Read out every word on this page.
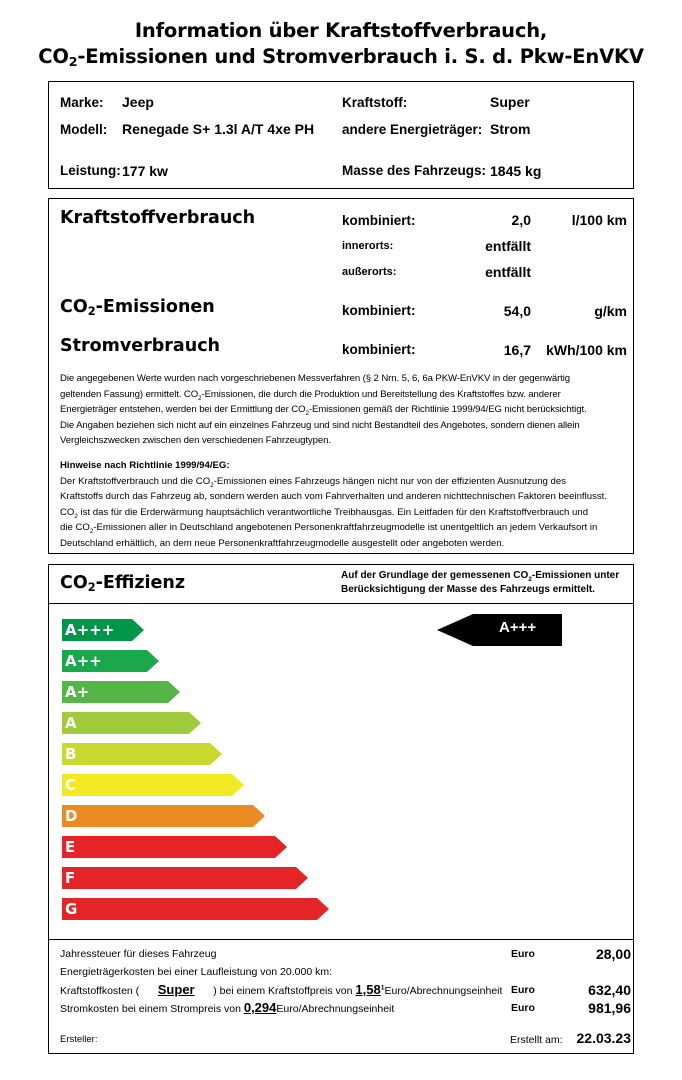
Information über Kraftstoffverbrauch,
$CO_2$-Emissionen und Stromverbrauch i. S. d. Pkw-EnVKV
Marke: Jeep
Modell: Renegade S+ 1.3l A/T 4xe PH
Leistung: 177 kw
Kraftstoff:	Super
andere Energieträger: Strom
Masse des Fahrzeugs: 1845 kg
Kraftstoffverbrauch	kombiniert:	2,0	l/100 km
innerorts:	entfällt
außerorts:	entfällt
$CO_2$-Emissionen	kombiniert:	54,0	g/km
Stromverbrauch	kombiniert:	16,7	kWh/100 km
Die angegebenen Werte wurden nach vorgeschriebenen Messverfahren (§ 2 Nrn. 5, 6, 6a PKW-EnVKV in der gegenwärtig
geltenden Fassung) ermittelt. $CO_2$-Emissionen, die durch die Produktion und Bereitstellung des Kraftstoffes bzw. anderer
Energieträger entstehen, werden bei der Ermittlung der $CO_2$-Emissionen gemäß der Richtlinie 1999/94/EG nicht berücksichtigt.
Die Angaben beziehen sich nicht auf ein einzelnes Fahrzeug und sind nicht Bestandteil des Angebotes, sondern dienen allein
Vergleichszwecken zwischen den verschiedenen Fahrzeugtypen.
Hinweise nach Richtlinie 1999/94/EG:
Der Kraftstoffverbrauch und die $CO_2$-Emissionen eines Fahrzeugs hängen nicht nur von der effizienten Ausnutzung des
Kraftstoffs durch das Fahrzeug ab, sondern werden auch vom Fahrverhalten und anderen nichttechnischen Faktoren beeinflusst.
$CO_2$ ist das für die Erderwärmung hauptsächlich verantwortliche Treibhausgas. Ein Leitfaden für den Kraftstoffverbrauch und
die $CO_2$-Emissionen aller in Deutschland angebotenen Personenkraftfahrzeugmodelle ist unentgeltlich an jedem Verkaufsort in
Deutschland erhältlich, an dem neue Personenkraftfahrzeugmodelle ausgestellt oder angeboten werden.
$CO_2$-Effizienz	Auf der Grundlage der gemessenen $CO_2$-Emissionen unter
Berücksichtigung der Masse des Fahrzeugs ermittelt.
A+++
A++
A+
A
B
C
D
E
F
G
A+++
Jahressteuer für dieses Fahrzeug	Euro	28,00
Energieträgerkosten bei einer Laufleistung von 20.000 km:
Kraftstoffkosten ( Super ) bei einem Kraftstoffpreis von 1,58$^1$Euro/Abrechnungseinheit Euro	632,40
Stromkosten bei einem Strompreis von 0,294Euro/Abrechnungseinheit	Euro	981,96
Ersteller:	Erstellt am: 22.03.23
